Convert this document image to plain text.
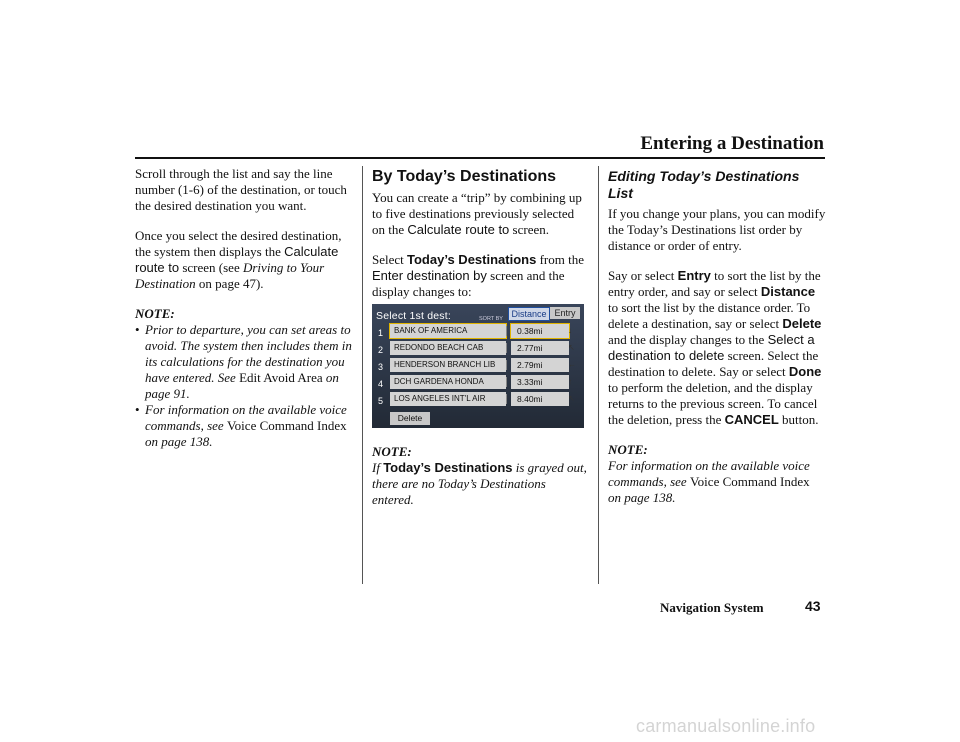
Entering a Destination

Scroll through the list and say the line number (1-6) of the destination, or touch the desired destination you want.

Once you select the desired destination, the system then displays the Calculate route to screen (see Driving to Your Destination on page 47).

NOTE:
• Prior to departure, you can set areas to avoid. The system then includes them in its calculations for the destination you have entered. See Edit Avoid Area on page 91.
• For information on the available voice commands, see Voice Command Index on page 138.
By Today’s Destinations

You can create a “trip” by combining up to five destinations previously selected on the Calculate route to screen.

Select Today’s Destinations from the Enter destination by screen and the display changes to:

Select 1st dest:	SORT BY Distance Entry
1	BANK OF AMERICA	0.38mi	↓
2	REDONDO BEACH CAB	2.77mi	↖
3	HENDERSON BRANCH LIB	2.79mi	←
4	DCH GARDENA HONDA	3.33mi	↑
5	LOS ANGELES INT'L AIR	8.40mi	↖
Delete
NOTE:

If Today’s Destinations is grayed out, there are no Today’s Destinations entered.

Editing Today’s Destinations List

If you change your plans, you can modify the Today’s Destinations list order by distance or order of entry.

Say or select Entry to sort the list by the entry order, and say or select Distance to sort the list by the distance order. To delete a destination, say or select Delete and the display changes to the Select a destination to delete screen. Select the destination to delete. Say or select Done to perform the deletion, and the display returns to the previous screen. To cancel the deletion, press the CANCEL button.

NOTE:

For information on the available voice commands, see Voice Command Index
on page 138.

Navigation System	43
carmanualsonline.info
